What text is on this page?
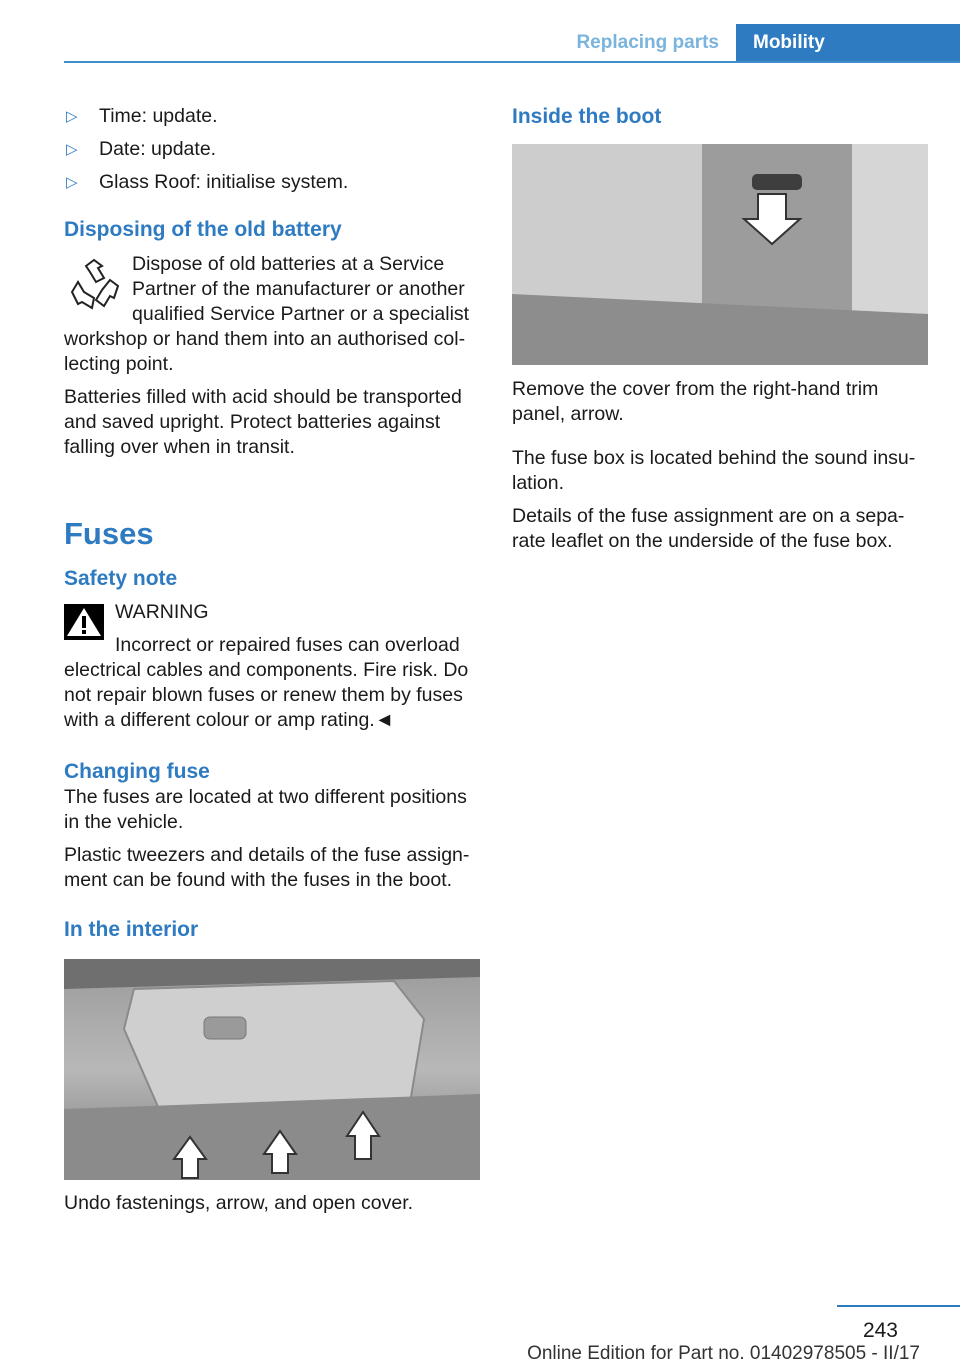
Replacing parts	Mobility
▷ Time: update.
▷ Date: update.
▷ Glass Roof: initialise system.
Disposing of the old battery

Dispose of old batteries at a Service Partner of the manufacturer or another qualified Service Partner or a specialist workshop or hand them into an authorised collecting point.

Batteries filled with acid should be transported and saved upright. Protect batteries against falling over when in transit.

Fuses
Safety note

WARNING

Incorrect or repaired fuses can overload electrical cables and components. Fire risk. Do not repair blown fuses or renew them by fuses with a different colour or amp rating.◄

Changing fuse

The fuses are located at two different positions in the vehicle.

Plastic tweezers and details of the fuse assignment can be found with the fuses in the boot.

In the interior

Undo fastenings, arrow, and open cover.

Inside the boot

Remove the cover from the right-hand trim panel, arrow.

The fuse box is located behind the sound insulation.

Details of the fuse assignment are on a separate leaflet on the underside of the fuse box.

243
Online Edition for Part no. 01402978505 - II/17
